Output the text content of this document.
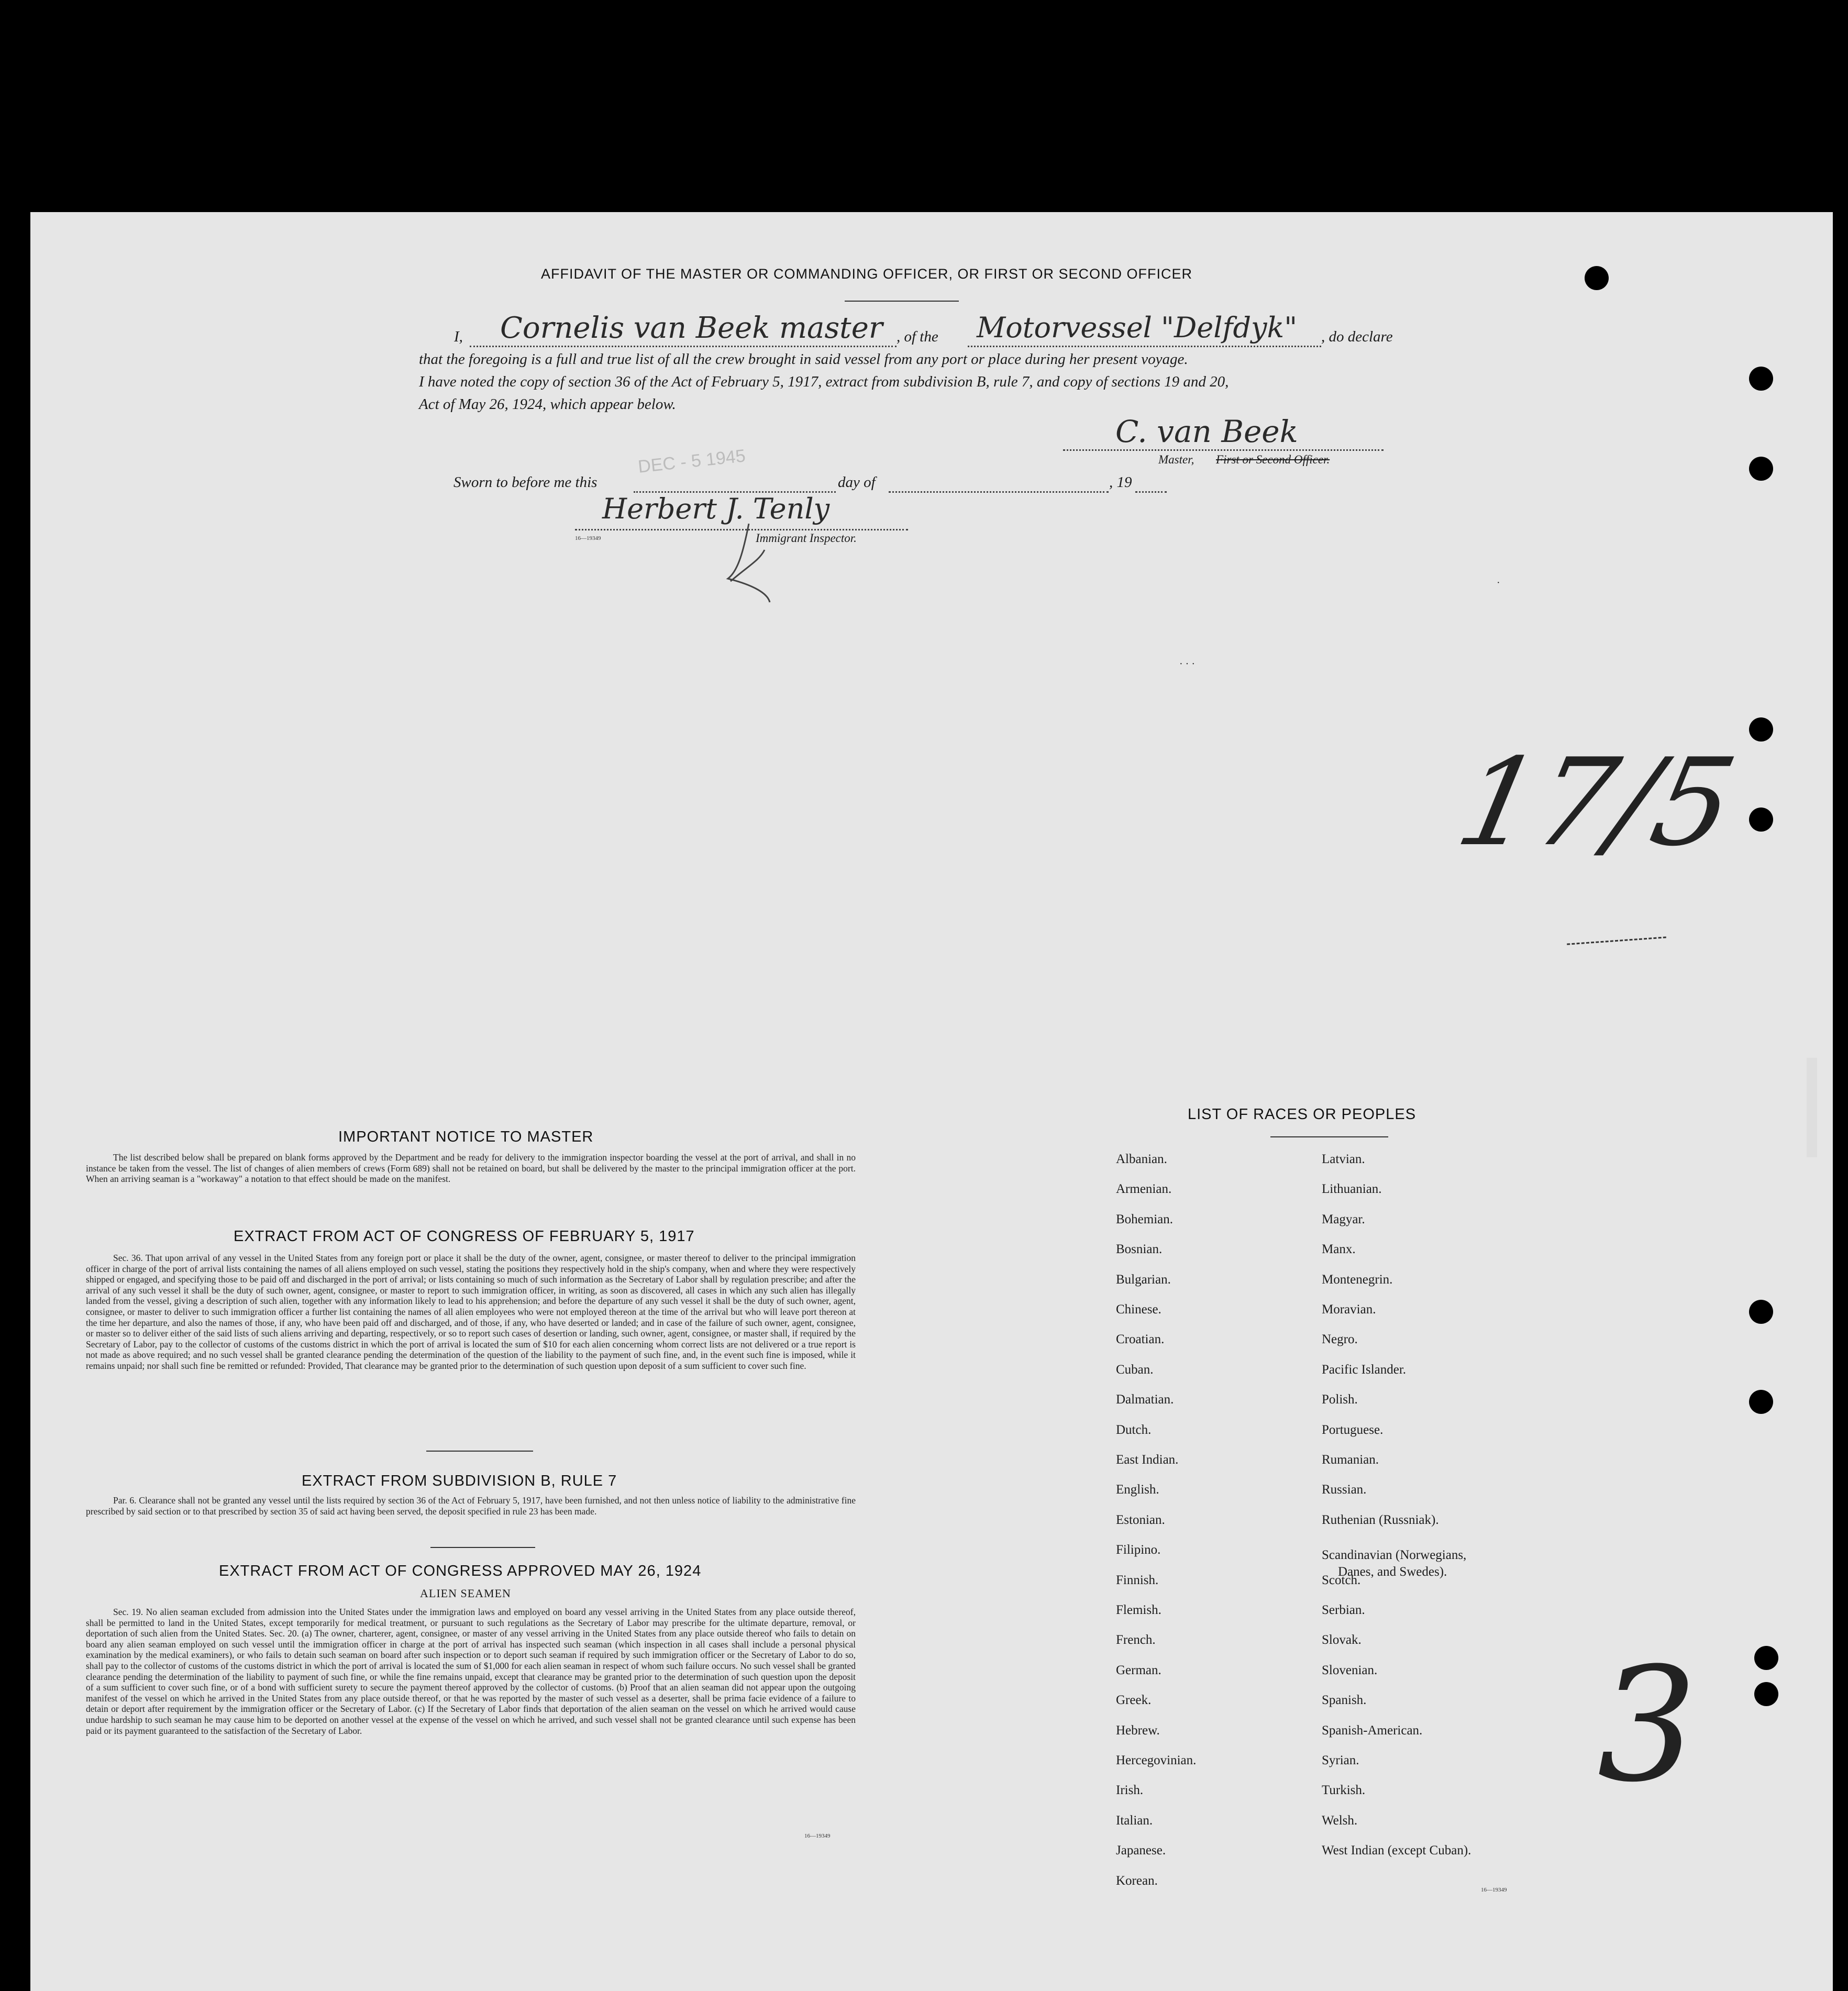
AFFIDAVIT OF THE MASTER OR COMMANDING OFFICER, OR FIRST OR SECOND OFFICER
I, Cornelis van Beek master , of the Motorvessel "Delfdyk" , do declare
that the foregoing is a full and true list of all the crew brought in said vessel from any port or place during her present voyage.
I have noted the copy of section 36 of the Act of February 5, 1917, extract from subdivision B, rule 7, and copy of sections 19 and 20,
Act of May 26, 1924, which appear below.
C. van Beek
Master, First or Second Officer.
Sworn to before me this
DEC - 5 1945
day of	, 19
Herbert J. Tenly
16—19349	Immigrant Inspector.
· · ·
·
17/5
3
IMPORTANT NOTICE TO MASTER
The list described below shall be prepared on blank forms approved by the Department and be ready for delivery to the immigration inspector boarding the vessel at the port of arrival, and shall in no instance be taken from the vessel. The list of changes of alien members of crews (Form 689) shall not be retained on board, but shall be delivered by the master to the principal immigration officer at the port. When an arriving seaman is a "workaway" a notation to that effect should be made on the manifest.
EXTRACT FROM ACT OF CONGRESS OF FEBRUARY 5, 1917
Sec. 36. That upon arrival of any vessel in the United States from any foreign port or place it shall be the duty of the owner, agent, consignee, or master thereof to deliver to the principal immigration officer in charge of the port of arrival lists containing the names of all aliens employed on such vessel, stating the positions they respectively hold in the ship's company, when and where they were respectively shipped or engaged, and specifying those to be paid off and discharged in the port of arrival; or lists containing so much of such information as the Secretary of Labor shall by regulation prescribe; and after the arrival of any such vessel it shall be the duty of such owner, agent, consignee, or master to report to such immigration officer, in writing, as soon as discovered, all cases in which any such alien has illegally landed from the vessel, giving a description of such alien, together with any information likely to lead to his apprehension; and before the departure of any such vessel it shall be the duty of such owner, agent, consignee, or master to deliver to such immigration officer a further list containing the names of all alien employees who were not employed thereon at the time of the arrival but who will leave port thereon at the time her departure, and also the names of those, if any, who have been paid off and discharged, and of those, if any, who have deserted or landed; and in case of the failure of such owner, agent, consignee, or master so to deliver either of the said lists of such aliens arriving and departing, respectively, or so to report such cases of desertion or landing, such owner, agent, consignee, or master shall, if required by the Secretary of Labor, pay to the collector of customs of the customs district in which the port of arrival is located the sum of $10 for each alien concerning whom correct lists are not delivered or a true report is not made as above required; and no such vessel shall be granted clearance pending the determination of the question of the liability to the payment of such fine, and, in the event such fine is imposed, while it remains unpaid; nor shall such fine be remitted or refunded: Provided, That clearance may be granted prior to the determination of such question upon deposit of a sum sufficient to cover such fine.
EXTRACT FROM SUBDIVISION B, RULE 7
Par. 6. Clearance shall not be granted any vessel until the lists required by section 36 of the Act of February 5, 1917, have been furnished, and not then unless notice of liability to the administrative fine prescribed by said section or to that prescribed by section 35 of said act having been served, the deposit specified in rule 23 has been made.
EXTRACT FROM ACT OF CONGRESS APPROVED MAY 26, 1924
ALIEN SEAMEN
Sec. 19. No alien seaman excluded from admission into the United States under the immigration laws and employed on board any vessel arriving in the United States from any place outside thereof, shall be permitted to land in the United States, except temporarily for medical treatment, or pursuant to such regulations as the Secretary of Labor may prescribe for the ultimate departure, removal, or deportation of such alien from the United States. Sec. 20. (a) The owner, charterer, agent, consignee, or master of any vessel arriving in the United States from any place outside thereof who fails to detain on board any alien seaman employed on such vessel until the immigration officer in charge at the port of arrival has inspected such seaman (which inspection in all cases shall include a personal physical examination by the medical examiners), or who fails to detain such seaman on board after such inspection or to deport such seaman if required by such immigration officer or the Secretary of Labor to do so, shall pay to the collector of customs of the customs district in which the port of arrival is located the sum of $1,000 for each alien seaman in respect of whom such failure occurs. No such vessel shall be granted clearance pending the determination of the liability to payment of such fine, or while the fine remains unpaid, except that clearance may be granted prior to the determination of such question upon the deposit of a sum sufficient to cover such fine, or of a bond with sufficient surety to secure the payment thereof approved by the collector of customs. (b) Proof that an alien seaman did not appear upon the outgoing manifest of the vessel on which he arrived in the United States from any place outside thereof, or that he was reported by the master of such vessel as a deserter, shall be prima facie evidence of a failure to detain or deport after requirement by the immigration officer or the Secretary of Labor. (c) If the Secretary of Labor finds that deportation of the alien seaman on the vessel on which he arrived would cause undue hardship to such seaman he may cause him to be deported on another vessel at the expense of the vessel on which he arrived, and such vessel shall not be granted clearance until such expense has been paid or its payment guaranteed to the satisfaction of the Secretary of Labor.
16—19349
LIST OF RACES OR PEOPLES
Albanian.
Armenian.
Bohemian.
Bosnian.
Bulgarian.
Chinese.
Croatian.
Cuban.
Dalmatian.
Dutch.
East Indian.
English.
Estonian.
Filipino.
Finnish.
Flemish.
French.
German.
Greek.
Hebrew.
Hercegovinian.
Irish.
Italian.
Japanese.
Korean.
Latvian.
Lithuanian.
Magyar.
Manx.
Montenegrin.
Moravian.
Negro.
Pacific Islander.
Polish.
Portuguese.
Rumanian.
Russian.
Ruthenian (Russniak).
Scandinavian (Norwegians,
Danes, and Swedes).
Scotch.
Serbian.
Slovak.
Slovenian.
Spanish.
Spanish-American.
Syrian.
Turkish.
Welsh.
West Indian (except Cuban).
16—19349
